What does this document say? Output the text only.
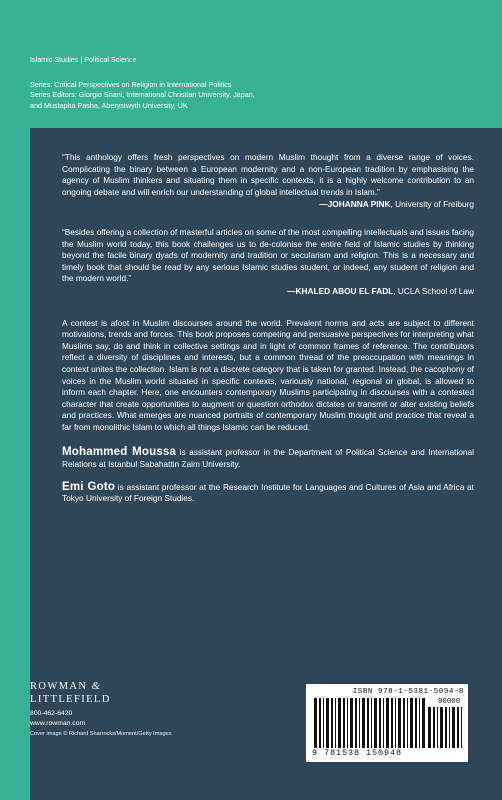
Islamic Studies | Political Science
Series: Critical Perspectives on Religion in International Politics
Series Editors: Giorgio Shani, International Christian University, Japan,
and Mustapha Pasha, Aberystwyth University, UK

“This anthology offers fresh perspectives on modern Muslim thought from a diverse range of voices. Complicating the binary between a European modernity and a non-European tradition by emphasising the agency of Muslim thinkers and situating them in specific contexts, it is a highly welcome contribution to an ongoing debate and will enrich our understanding of global intellectual trends in Islam.”

—JOHANNA PINK, University of Freiburg

“Besides offering a collection of masterful articles on some of the most compelling intellectuals and issues facing the Muslim world today, this book challenges us to de-colonise the entire field of Islamic studies by thinking beyond the facile binary dyads of modernity and tradition or secularism and religion. This is a necessary and timely book that should be read by any serious Islamic studies student, or indeed, any student of religion and the modern world.”

—KHALED ABOU EL FADL, UCLA School of Law

A contest is afoot in Muslim discourses around the world. Prevalent norms and acts are subject to different motivations, trends and forces. This book proposes competing and persuasive perspectives for interpreting what Muslims say, do and think in collective settings and in light of common frames of reference. The contributors reflect a diversity of disciplines and interests, but a common thread of the preoccupation with meanings in context unites the collection. Islam is not a discrete category that is taken for granted. Instead, the cacophony of voices in the Muslim world situated in specific contexts, variously national, regional or global, is allowed to inform each chapter. Here, one encounters contemporary Muslims participating in discourses with a contested character that create opportunities to augment or question orthodox dictates or transmit or alter existing beliefs and practices. What emerges are nuanced portraits of contemporary Muslim thought and practice that reveal a far from monolithic Islam to which all things Islamic can be reduced.

Mohammed Moussa is assistant professor in the Department of Political Science and International Relations at Istanbul Sabahattin Zaim University.

Emi Goto is assistant professor at the Research Institute for Languages and Cultures of Asia and Africa at Tokyo University of Foreign Studies.

ROWMAN &
LITTLEFIELD
800-462-6420
www.rowman.com
Cover image © Richard Sharrocks/Moment/Getty Images
ISBN 978-1-5381-5094-8
90000
9 781538 150948
